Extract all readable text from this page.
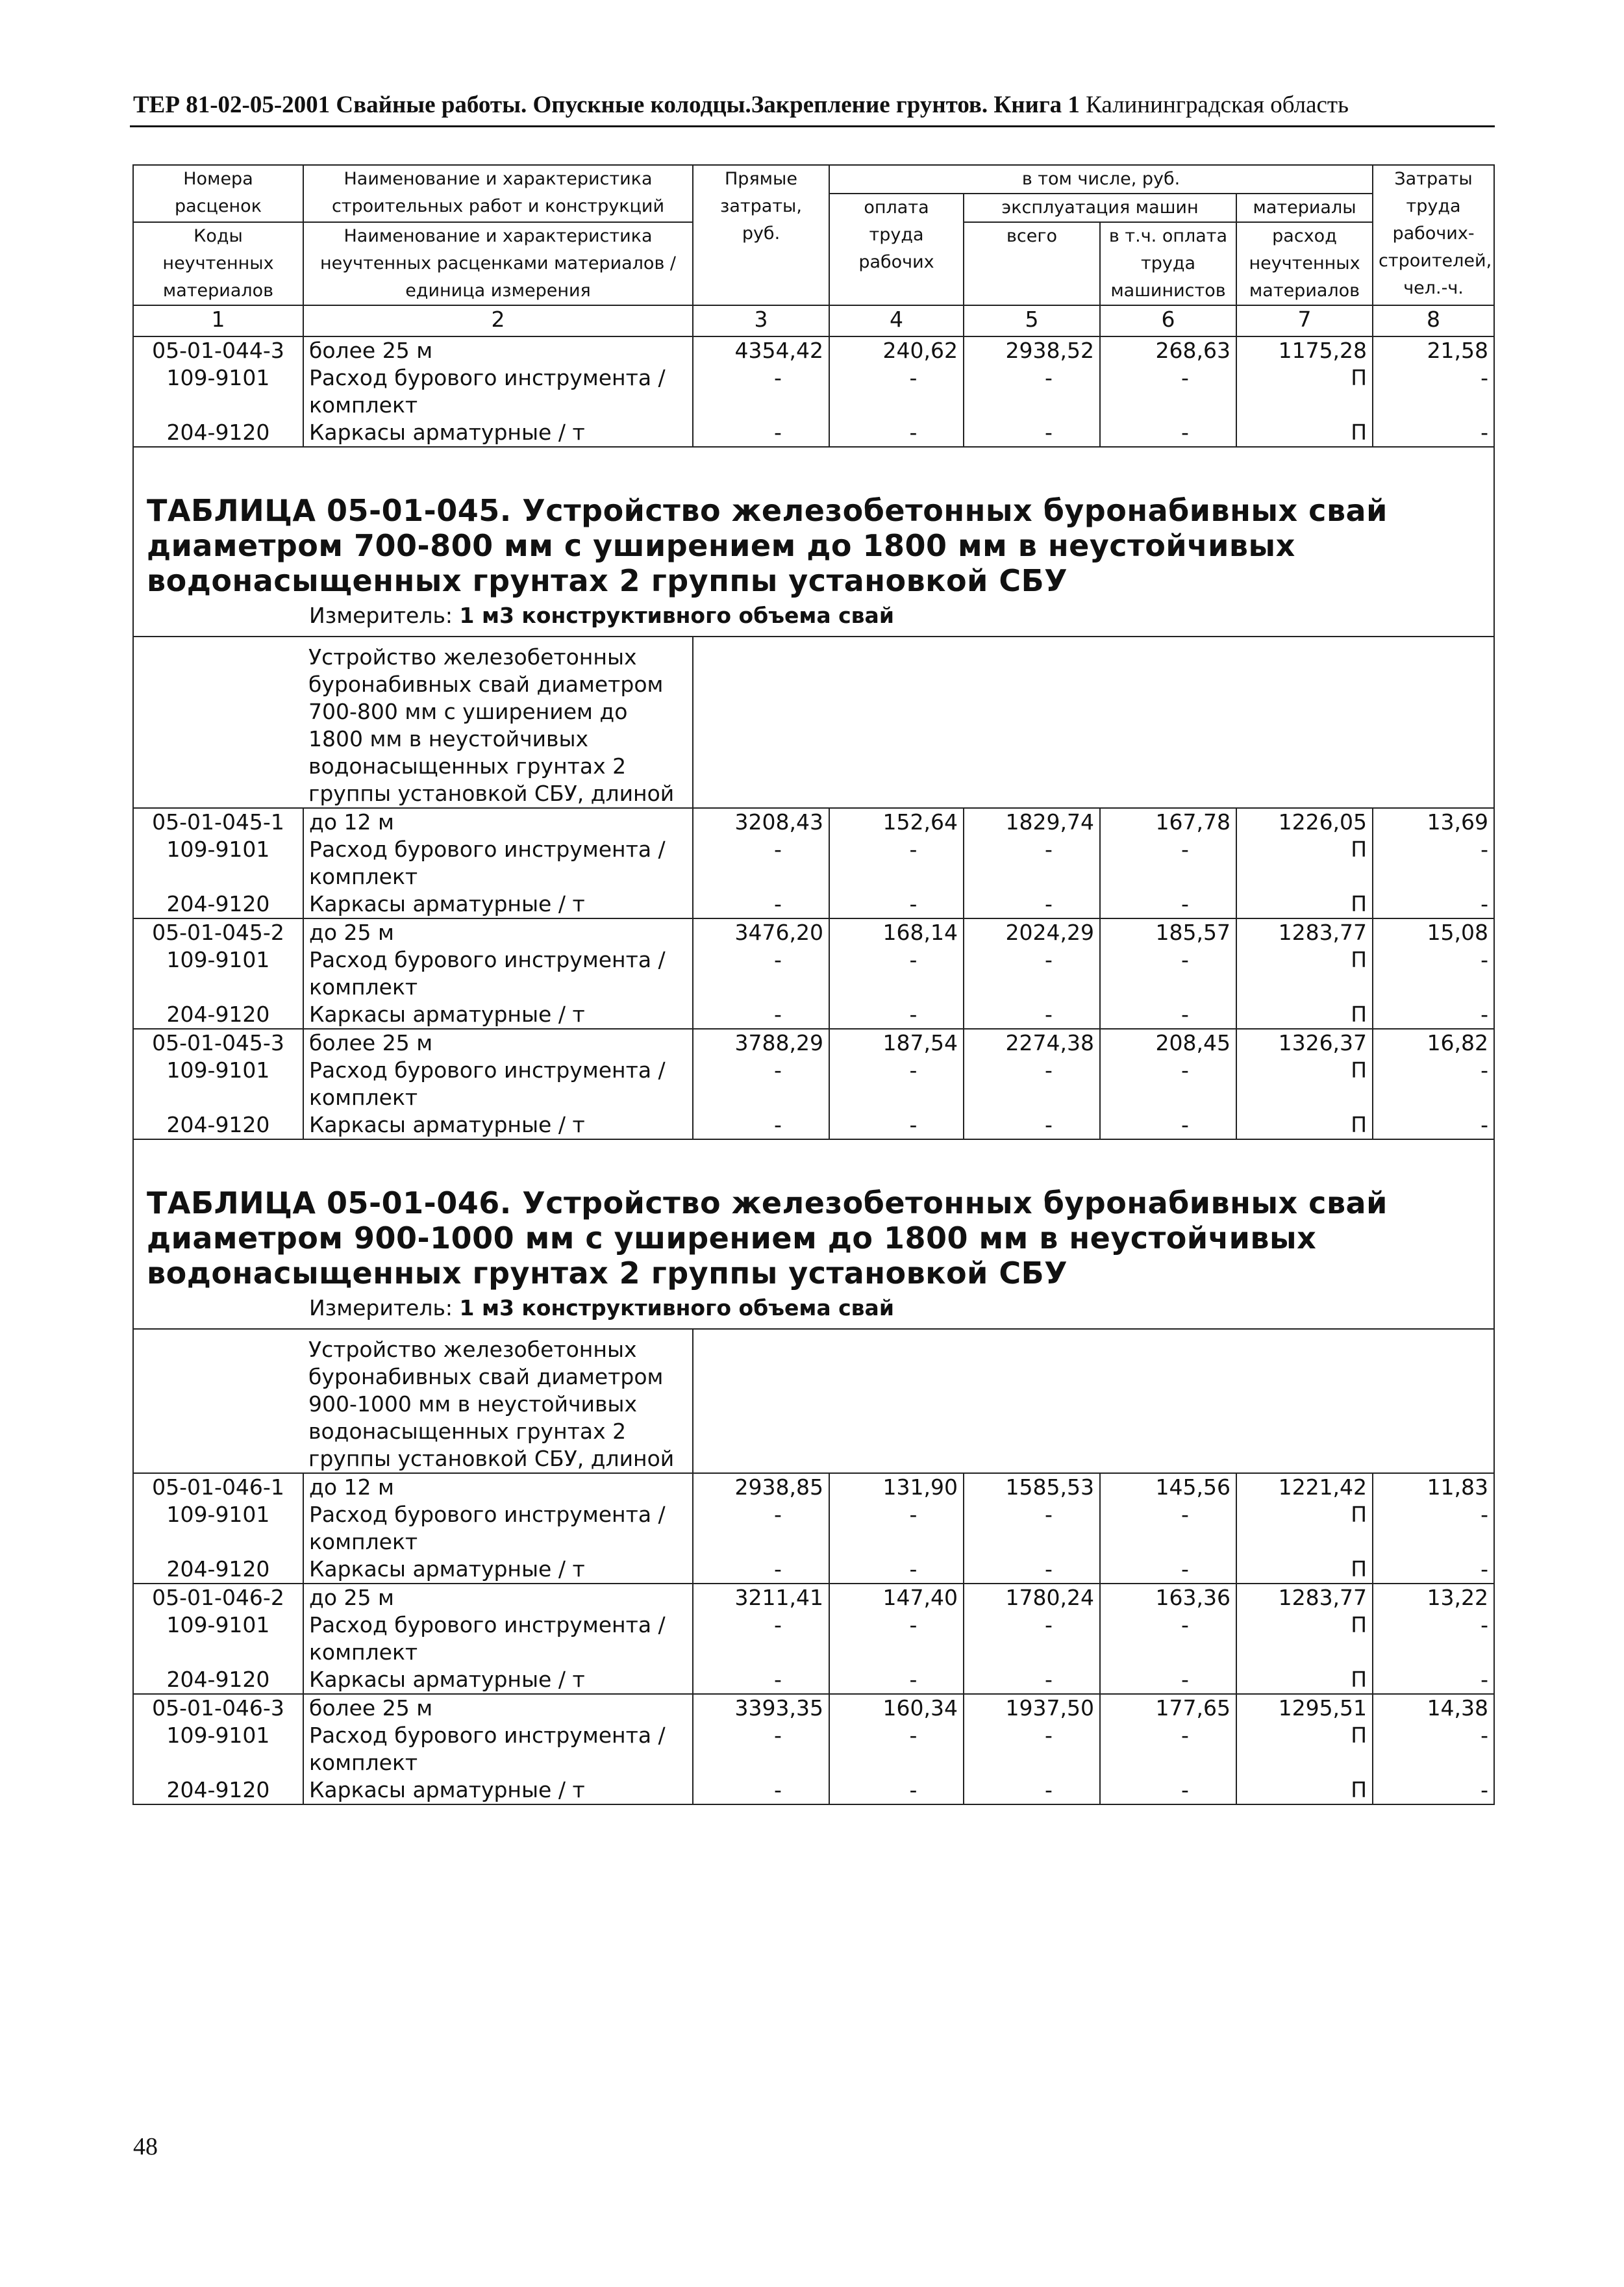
ТЕР 81-02-05-2001 Свайные работы. Опускные колодцы.Закрепление грунтов. Книга 1 Калининградская область
Номера расценок	Наименование и характеристика строительных работ и конструкций	Прямые затраты, руб.	в том числе, руб.				Затраты труда рабочих-строителей, чел.-ч.
			оплата труда рабочих	эксплуатация машин		материалы	
Коды неучтенных материалов	Наименование и характеристика неучтенных расценками материалов / единица измерения			всего	в т.ч. оплата труда машинистов	расход неучтенных материалов	

1	2	3	4	5	6	7	8
05-01-044-3	более 25 м	4354,42	240,62	2938,52	268,63	1175,28	21,58
109-9101	Расход бурового инструмента / комплект	-	-	-	-	П	-
204-9120	Каркасы арматурные / т	-	-	-	-	П	-

ТАБЛИЦА 05-01-045. Устройство железобетонных буронабивных свай диаметром 700-800 мм с уширением до 1800 мм в неустойчивых водонасыщенных грунтах 2 группы установкой СБУ
Измеритель: 1 м3 конструктивного объема свай							

	Устройство железобетонных буронабивных свай диаметром 700-800 мм с уширением до 1800 мм в неустойчивых водонасыщенных грунтах 2 группы установкой СБУ, длиной						
05-01-045-1	до 12 м	3208,43	152,64	1829,74	167,78	1226,05	13,69
109-9101	Расход бурового инструмента / комплект	-	-	-	-	П	-
204-9120	Каркасы арматурные / т	-	-	-	-	П	-
05-01-045-2	до 25 м	3476,20	168,14	2024,29	185,57	1283,77	15,08
109-9101	Расход бурового инструмента / комплект	-	-	-	-	П	-
204-9120	Каркасы арматурные / т	-	-	-	-	П	-
05-01-045-3	более 25 м	3788,29	187,54	2274,38	208,45	1326,37	16,82
109-9101	Расход бурового инструмента / комплект	-	-	-	-	П	-
204-9120	Каркасы арматурные / т	-	-	-	-	П	-

ТАБЛИЦА 05-01-046. Устройство железобетонных буронабивных свай диаметром 900-1000 мм с уширением до 1800 мм в неустойчивых водонасыщенных грунтах 2 группы установкой СБУ
Измеритель: 1 м3 конструктивного объема свай							

	Устройство железобетонных буронабивных свай диаметром 900-1000 мм в неустойчивых водонасыщенных грунтах 2 группы установкой СБУ, длиной						
05-01-046-1	до 12 м	2938,85	131,90	1585,53	145,56	1221,42	11,83
109-9101	Расход бурового инструмента / комплект	-	-	-	-	П	-
204-9120	Каркасы арматурные / т	-	-	-	-	П	-
05-01-046-2	до 25 м	3211,41	147,40	1780,24	163,36	1283,77	13,22
109-9101	Расход бурового инструмента / комплект	-	-	-	-	П	-
204-9120	Каркасы арматурные / т	-	-	-	-	П	-
05-01-046-3	более 25 м	3393,35	160,34	1937,50	177,65	1295,51	14,38
109-9101	Расход бурового инструмента / комплект	-	-	-	-	П	-
204-9120	Каркасы арматурные / т	-	-	-	-	П	-
48
